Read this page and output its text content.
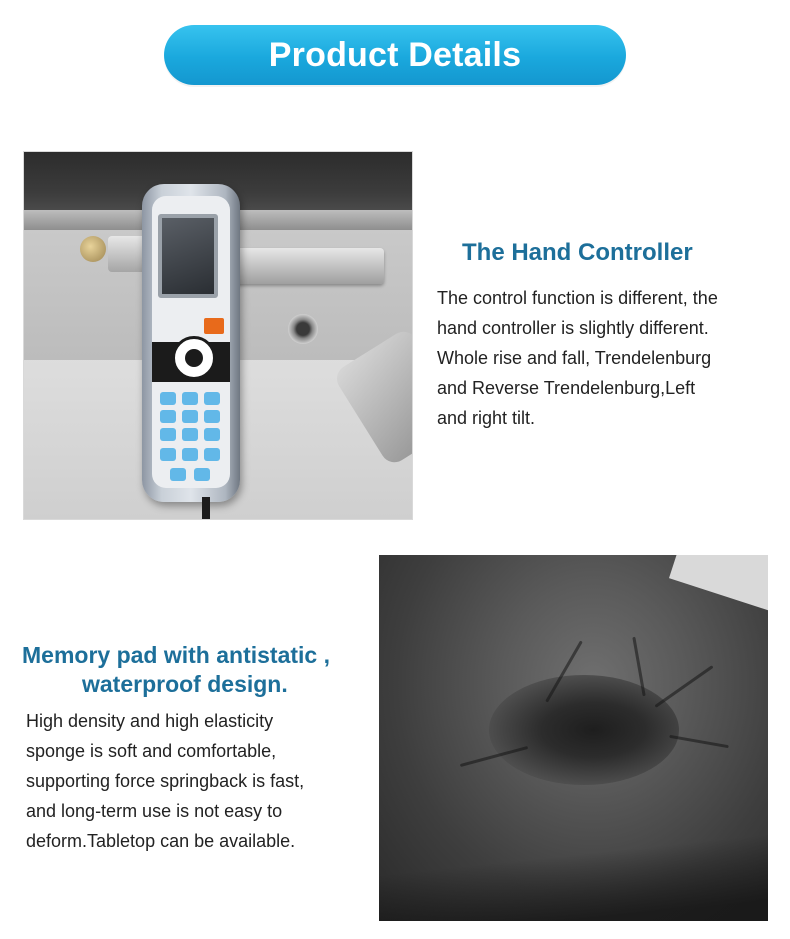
Product Details
The Hand Controller
The control function is different, the
hand controller is slightly different.
Whole rise and fall, Trendelenburg
and Reverse Trendelenburg,Left
and right tilt.
Memory pad with antistatic ,
waterproof design.
High density and high elasticity
sponge is soft and comfortable,
supporting force springback is fast,
and long-term use is not easy to
deform.Tabletop can be available.
